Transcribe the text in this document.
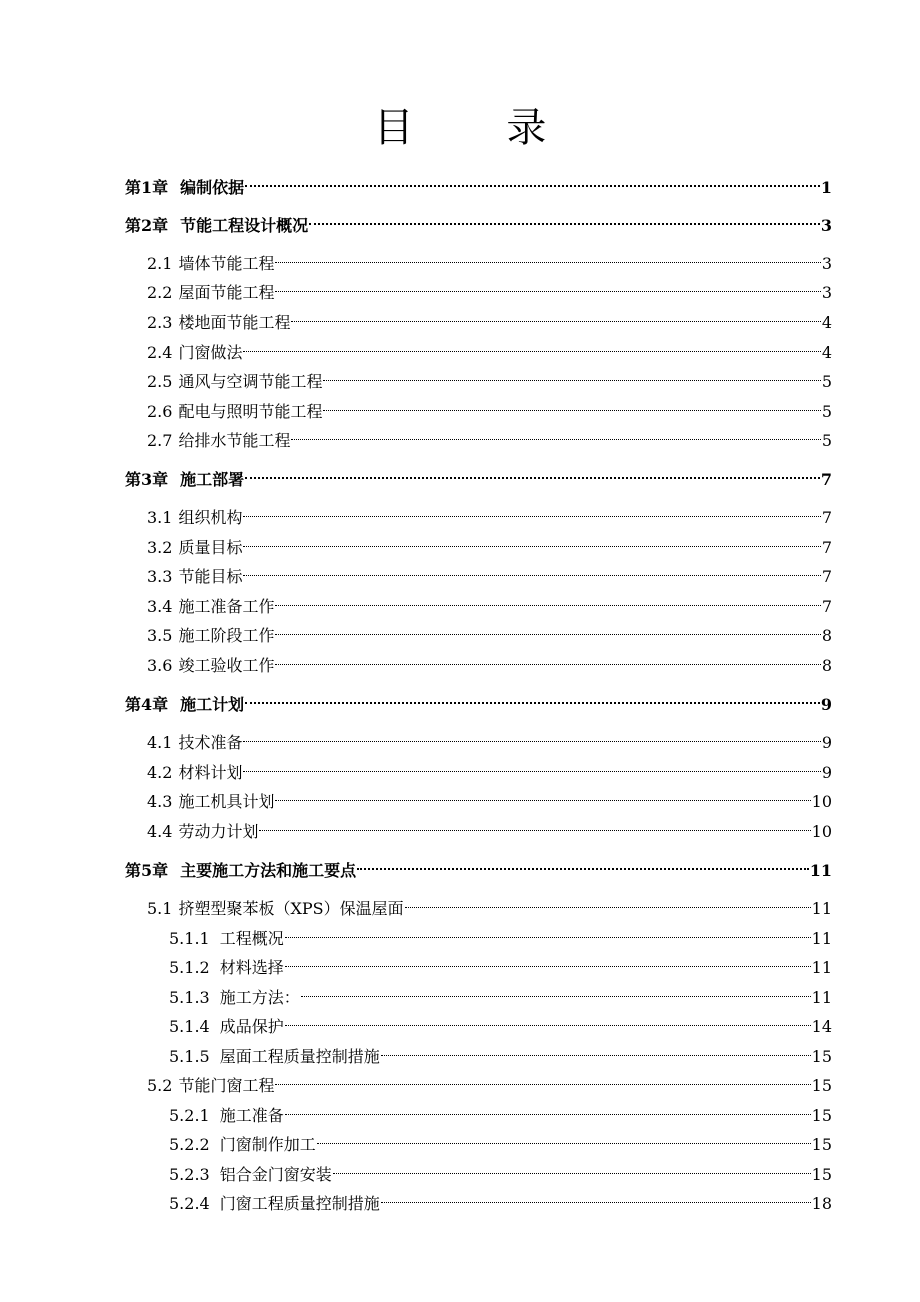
目 录
第1章 编制依据	1
第2章 节能工程设计概况	3
2.1 墙体节能工程	3
2.2 屋面节能工程	3
2.3 楼地面节能工程	4
2.4 门窗做法	4
2.5 通风与空调节能工程	5
2.6 配电与照明节能工程	5
2.7 给排水节能工程	5
第3章 施工部署	7
3.1 组织机构	7
3.2 质量目标	7
3.3 节能目标	7
3.4 施工准备工作	7
3.5 施工阶段工作	8
3.6 竣工验收工作	8
第4章 施工计划	9
4.1 技术准备	9
4.2 材料计划	9
4.3 施工机具计划	10
4.4 劳动力计划	10
第5章 主要施工方法和施工要点	11
5.1 挤塑型聚苯板（XPS）保温屋面	11
5.1.1 工程概况	11
5.1.2 材料选择	11
5.1.3 施工方法：	11
5.1.4 成品保护	14
5.1.5 屋面工程质量控制措施	15
5.2 节能门窗工程	15
5.2.1 施工准备	15
5.2.2 门窗制作加工	15
5.2.3 铝合金门窗安装	15
5.2.4 门窗工程质量控制措施	18
